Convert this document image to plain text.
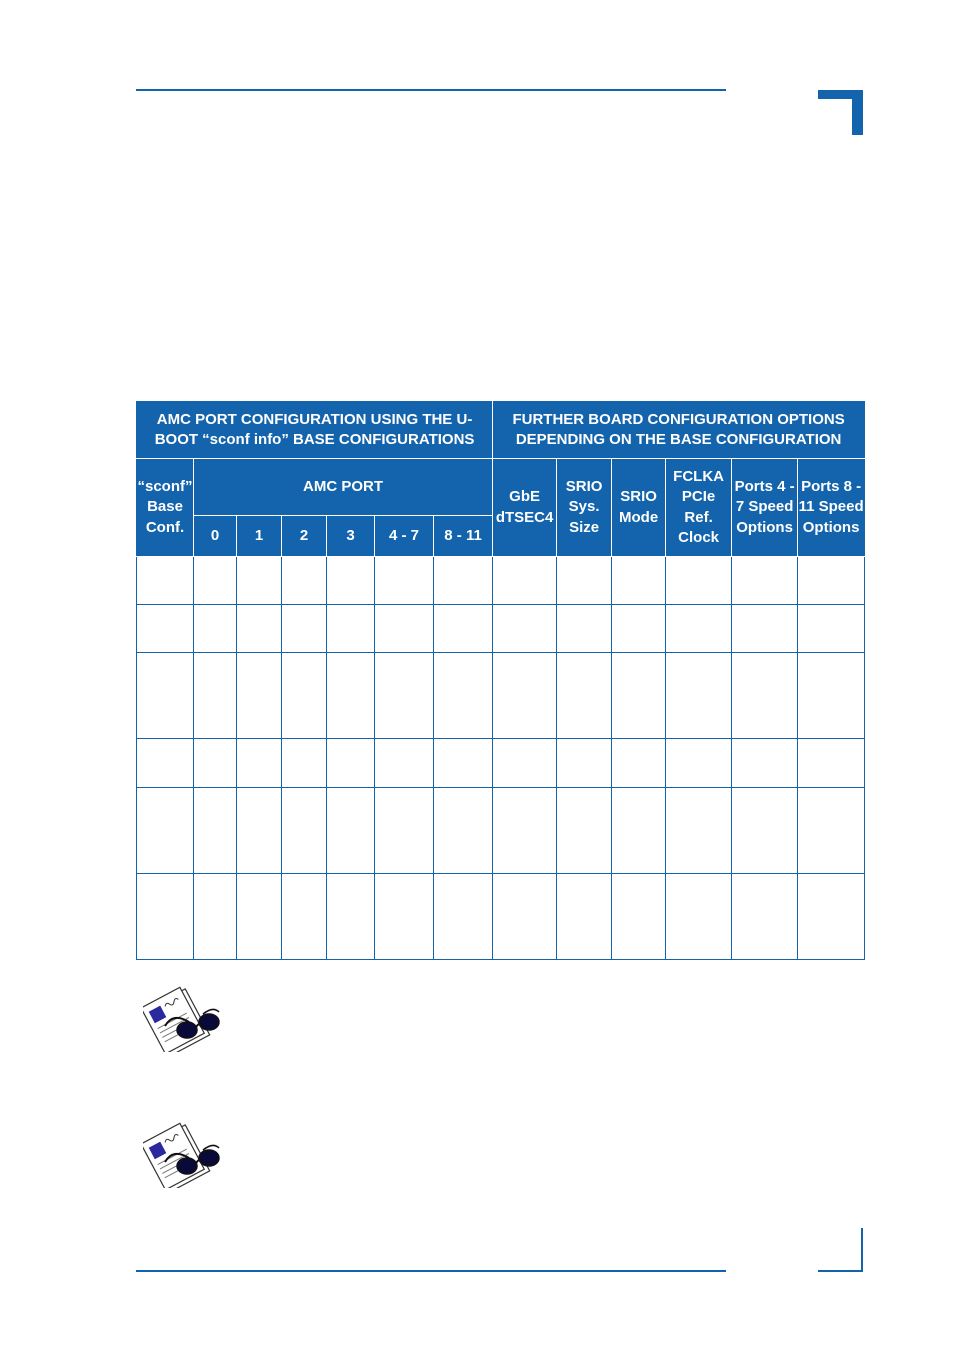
AMC PORT CONFIGURATION USING THE U-BOOT “sconf info” BASE CONFIGURATIONS							FURTHER BOARD CONFIGURATION OPTIONS DEPENDING ON THE BASE CONFIGURATION					
“sconf” Base Conf.	AMC PORT						GbE dTSEC4	SRIO Sys. Size	SRIO Mode	FCLKA PCIe Ref. Clock	Ports 4 - 7 Speed Options	Ports 8 - 11 Speed Options
	0	1	2	3	4 - 7	8 - 11						
